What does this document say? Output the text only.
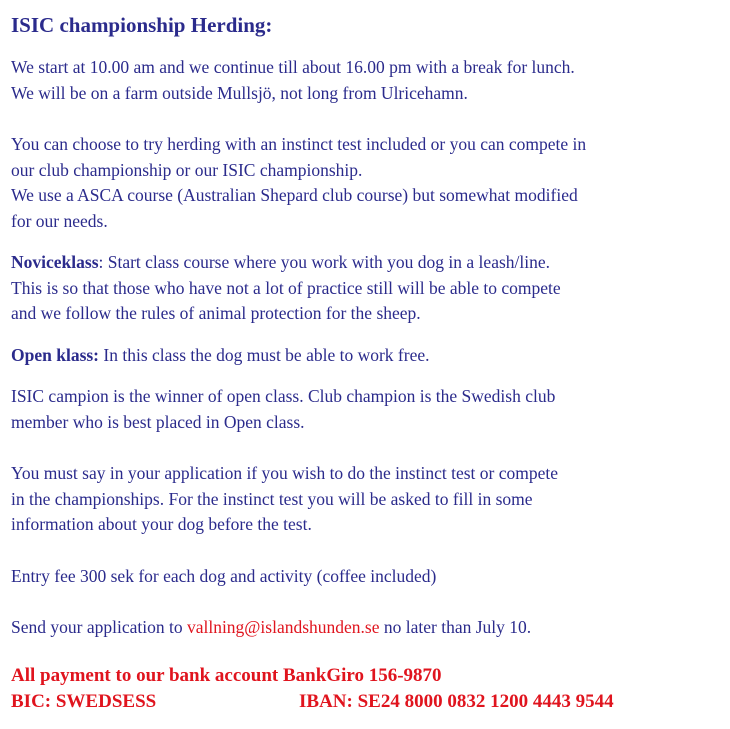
ISIC championship Herding:

We start at 10.00 am and we continue till about 16.00 pm with a break for lunch.

We will be on a farm outside Mullsjö, not long from Ulricehamn.

You can choose to try herding with an instinct test included or you can compete in

our club championship or our ISIC championship.

We use a ASCA course (Australian Shepard club course) but somewhat modified

for our needs.

Noviceklass: Start class course where you work with you dog in a leash/line.

This is so that those who have not a lot of practice still will be able to compete

and we follow the rules of animal protection for the sheep.

Open klass: In this class the dog must be able to work free.

ISIC campion is the winner of open class. Club champion is the Swedish club

member who is best placed in Open class.

You must say in your application if you wish to do the instinct test or compete

in the championships. For the instinct test you will be asked to fill in some

information about your dog before the test.

Entry fee 300 sek for each dog and activity (coffee included)

Send your application to vallning@islandshunden.se no later than July 10.

All payment to our bank account BankGiro 156-9870

BIC: SWEDSESS	IBAN: SE24 8000 0832 1200 4443 9544
